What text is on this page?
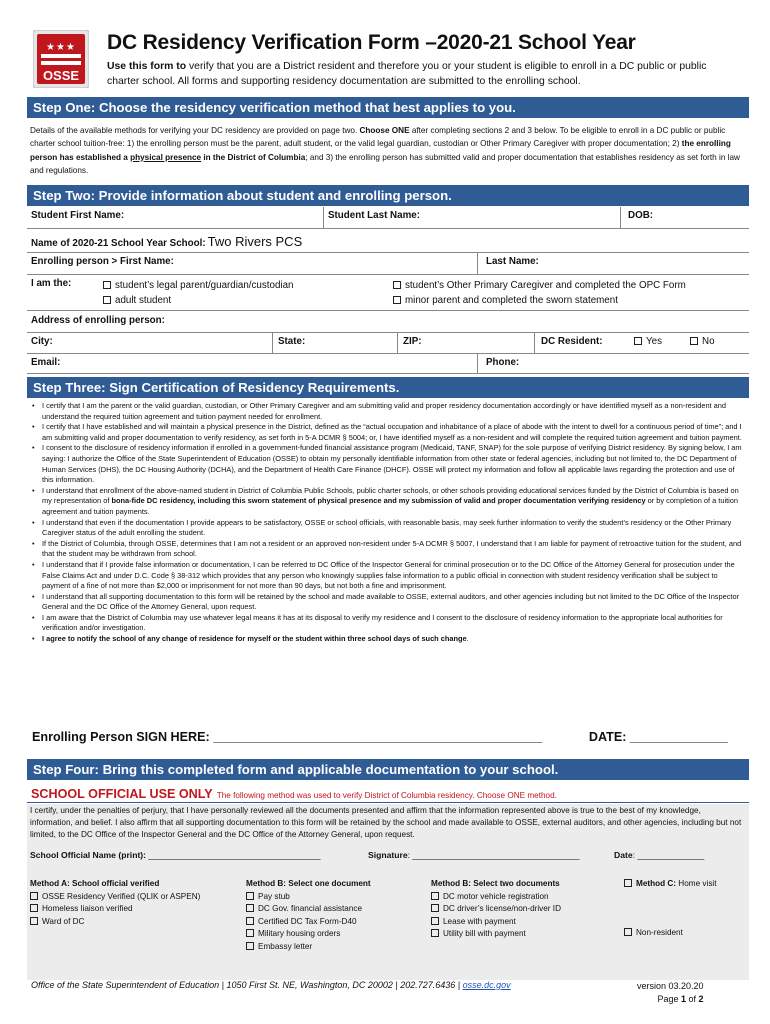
★ ★ ★
OSSE
DC Residency Verification Form –2020-21 School Year
Use this form to verify that you are a District resident and therefore you or your student is eligible to enroll in a DC public or public charter school. All forms and supporting residency documentation are submitted to the enrolling school.
Step One: Choose the residency verification method that best applies to you.
Details of the available methods for verifying your DC residency are provided on page two. Choose ONE after completing sections 2 and 3 below. To be eligible to enroll in a DC public or public charter school tuition-free: 1) the enrolling person must be the parent, adult student, or the valid legal guardian, custodian or Other Primary Caregiver with proper documentation; 2) the enrolling person has established a physical presence in the District of Columbia; and 3) the enrolling person has submitted valid and proper documentation that establishes residency as set forth in law and regulations.
Step Two: Provide information about student and enrolling person.
Student First Name:	Student Last Name:	DOB:
Name of 2020-21 School Year School: Two Rivers PCS
Enrolling person > First Name:	Last Name:
I am the:	student’s legal parent/guardian/custodian
adult student
student’s Other Primary Caregiver and completed the OPC Form
minor parent and completed the sworn statement
Address of enrolling person:
City:	State:	ZIP:	DC Resident:	Yes	No
Email:	Phone:
Step Three: Sign Certification of Residency Requirements.
• I certify that I am the parent or the valid guardian, custodian, or Other Primary Caregiver and am submitting valid and proper residency documentation accordingly or have identified myself as a non-resident and understand the required tuition agreement and tuition payment needed for enrollment.
• I certify that I have established and will maintain a physical presence in the District, defined as the “actual occupation and inhabitance of a place of abode with the intent to dwell for a continuous period of time”; and I am submitting valid and proper documentation to verify residency, as set forth in 5-A DCMR § 5004; or, I have identified myself as a non-resident and will complete the required tuition agreement and tuition payment.
• I consent to the disclosure of residency information if enrolled in a government-funded financial assistance program (Medicaid, TANF, SNAP) for the sole purpose of verifying District residency. By signing below, I am saying: I authorize the Office of the State Superintendent of Education (OSSE) to obtain my personally identifiable information from other state or federal agencies, including but not limited to, the DC Department of Human Services (DHS), the DC Housing Authority (DCHA), and the Department of Health Care Finance (DHCF). OSSE will protect my information and follow all applicable laws regarding the protection and use of this information.
• I understand that enrollment of the above-named student in District of Columbia Public Schools, public charter schools, or other schools providing educational services funded by the District of Columbia is based on my representation of bona-fide DC residency, including this sworn statement of physical presence and my submission of valid and proper documentation verifying residency or by completion of a tuition agreement and tuition payments.
• I understand that even if the documentation I provide appears to be satisfactory, OSSE or school officials, with reasonable basis, may seek further information to verify the student’s residency or the Other Primary Caregiver status of the adult enrolling the student.
• If the District of Columbia, through OSSE, determines that I am not a resident or an approved non-resident under 5-A DCMR § 5007, I understand that I am liable for payment of retroactive tuition for the student, and that the student may be withdrawn from school.
• I understand that if I provide false information or documentation, I can be referred to DC Office of the Inspector General for criminal prosecution or to the DC Office of the Attorney General for prosecution under the False Claims Act and under D.C. Code § 38-312 which provides that any person who knowingly supplies false information to a public official in connection with student residency verification shall be subject to payment of a fine of not more than $2,000 or imprisonment for not more than 90 days, but not both a fine and imprisonment.
• I understand that all supporting documentation to this form will be retained by the school and made available to OSSE, external auditors, and other agencies including but not limited to the DC Office of the Inspector General and the DC Office of the Attorney General, upon request.
• I am aware that the District of Columbia may use whatever legal means it has at its disposal to verify my residence and I consent to the disclosure of residency information to the appropriate local authorities for verification and/or investigation.
• I agree to notify the school of any change of residence for myself or the student within three school days of such change.
Enrolling Person SIGN HERE: _______________________________________________	DATE: ______________
Step Four: Bring this completed form and applicable documentation to your school.
SCHOOL OFFICIAL USE ONLY The following method was used to verify District of Columbia residency. Choose ONE method.
I certify, under the penalties of perjury, that I have personally reviewed all the documents presented and affirm that the information represented above is true to the best of my knowledge, information, and belief. I also affirm that all supporting documentation to this form will be retained by the school and made available to OSSE, external auditors, and other agencies, including but not limited, to the DC Office of the Inspector General and the DC Office of the Attorney General, upon request.
School Official Name (print): ____________________________________	Signature: ___________________________________	Date: ______________
Method A: School official verified
OSSE Residency Verified (QLIK or ASPEN)
Homeless liaison verified
Ward of DC
Method B: Select one document
Pay stub
DC Gov. financial assistance
Certified DC Tax Form-D40
Military housing orders
Embassy letter
Method B: Select two documents
DC motor vehicle registration
DC driver’s license/non-driver ID
Lease with payment
Utility bill with payment
Method C: Home visit
Non-resident
Office of the State Superintendent of Education | 1050 First St. NE, Washington, DC 20002 | 202.727.6436 | osse.dc.gov	version 03.20.20
Page 1 of 2
